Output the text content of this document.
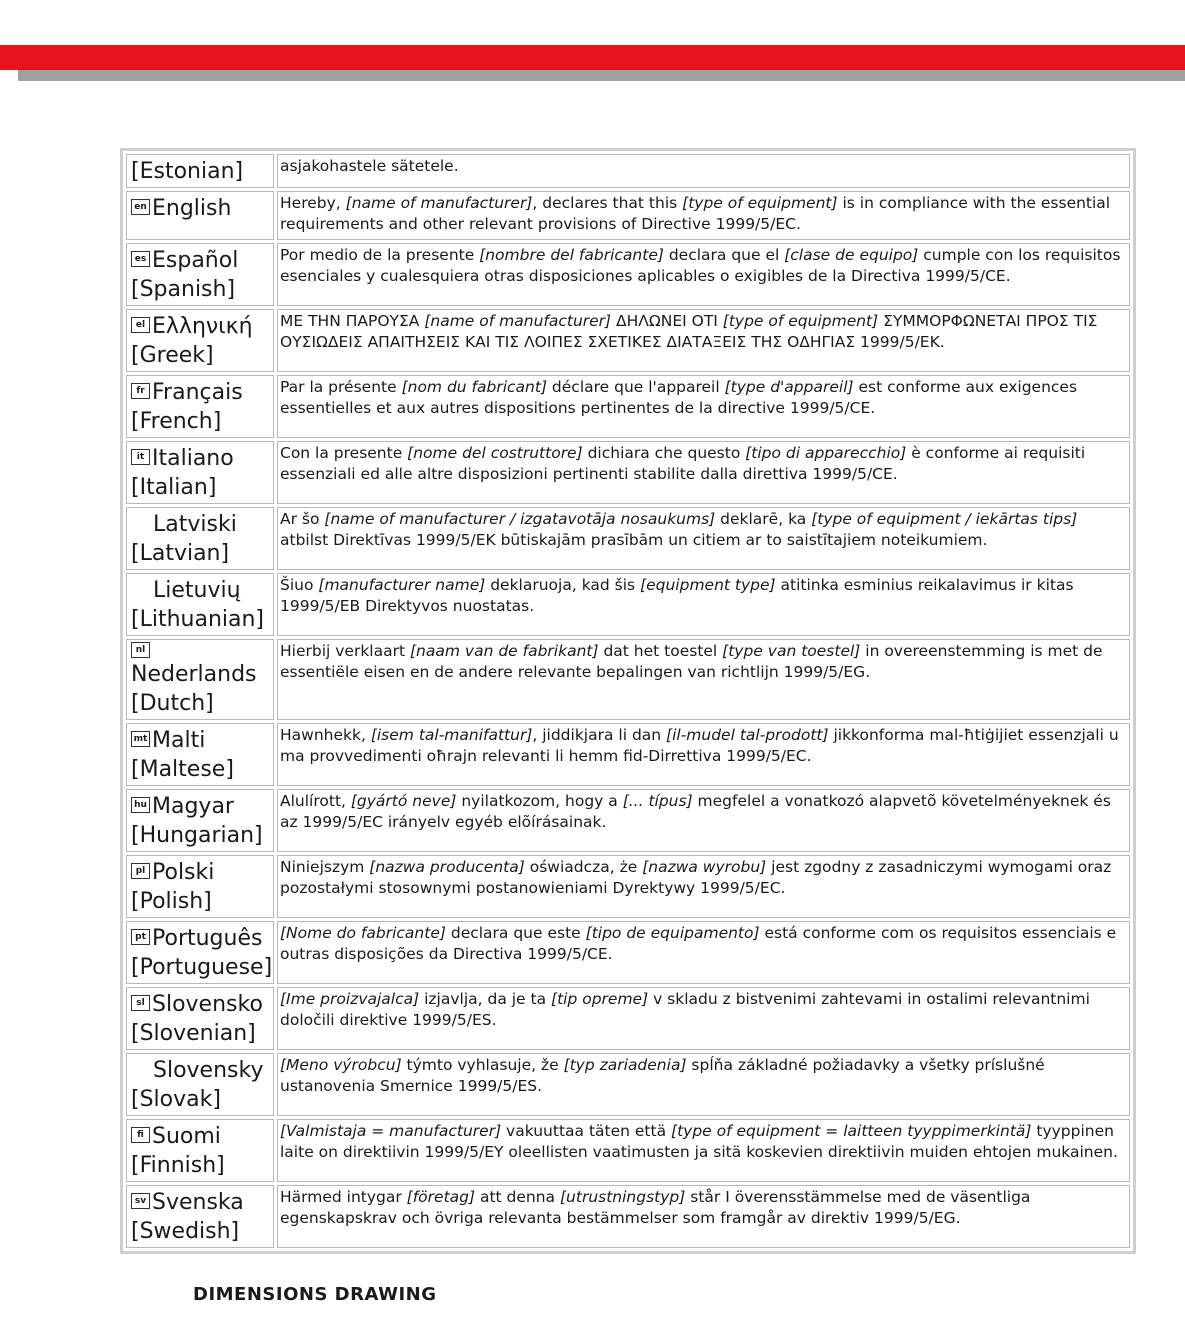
[Estonian]	asjakohastele sätetele.

en English	Hereby, [name of manufacturer], declares that this [type of equipment] is in compliance with the essential requirements and other relevant provisions of Directive 1999/5/EC.

es Español
[Spanish]	Por medio de la presente [nombre del fabricante] declara que el [clase de equipo] cumple con los requisitos esenciales y cualesquiera otras disposiciones aplicables o exigibles de la Directiva 1999/5/CE.

el Ελληνική
[Greek]	ΜΕ ΤΗΝ ΠΑΡΟΥΣΑ [name of manufacturer] ΔΗΛΩΝΕΙ ΟΤΙ [type of equipment] ΣΥΜΜΟΡΦΩΝΕΤΑΙ ΠΡΟΣ ΤΙΣ ΟΥΣΙΩΔΕΙΣ ΑΠΑΙΤΗΣΕΙΣ ΚΑΙ ΤΙΣ ΛΟΙΠΕΣ ΣΧΕΤΙΚΕΣ ΔΙΑΤΑΞΕΙΣ ΤΗΣ ΟΔΗΓΙΑΣ 1999/5/ΕΚ.

fr Français
[French]	Par la présente [nom du fabricant] déclare que l'appareil [type d'appareil] est conforme aux exigences essentielles et aux autres dispositions pertinentes de la directive 1999/5/CE.

it Italiano
[Italian]	Con la presente [nome del costruttore] dichiara che questo [tipo di apparecchio] è conforme ai requisiti essenziali ed alle altre disposizioni pertinenti stabilite dalla direttiva 1999/5/CE.

Latviski
[Latvian]	Ar šo [name of manufacturer / izgatavotāja nosaukums] deklarē, ka [type of equipment / iekārtas tips] atbilst Direktīvas 1999/5/EK būtiskajām prasībām un citiem ar to saistītajiem noteikumiem.

Lietuvių
[Lithuanian]	Šiuo [manufacturer name] deklaruoja, kad šis [equipment type] atitinka esminius reikalavimus ir kitas 1999/5/EB Direktyvos nuostatas.

nl
Nederlands
[Dutch]	Hierbij verklaart [naam van de fabrikant] dat het toestel [type van toestel] in overeenstemming is met de essentiële eisen en de andere relevante bepalingen van richtlijn 1999/5/EG.

mt Malti
[Maltese]	Hawnhekk, [isem tal-manifattur], jiddikjara li dan [il-mudel tal-prodott] jikkonforma mal-ħtiġijiet essenzjali u ma provvedimenti oħrajn relevanti li hemm fid-Dirrettiva 1999/5/EC.

hu Magyar
[Hungarian]	Alulírott, [gyártó neve] nyilatkozom, hogy a [... típus] megfelel a vonatkozó alapvetõ követelményeknek és az 1999/5/EC irányelv egyéb elõírásainak.

pl Polski
[Polish]	Niniejszym [nazwa producenta] oświadcza, że [nazwa wyrobu] jest zgodny z zasadniczymi wymogami oraz pozostałymi stosownymi postanowieniami Dyrektywy 1999/5/EC.

pt Português
[Portuguese]	[Nome do fabricante] declara que este [tipo de equipamento] está conforme com os requisitos essenciais e outras disposições da Directiva 1999/5/CE.

sl Slovensko
[Slovenian]	[Ime proizvajalca] izjavlja, da je ta [tip opreme] v skladu z bistvenimi zahtevami in ostalimi relevantnimi določili direktive 1999/5/ES.

Slovensky
[Slovak]	[Meno výrobcu] týmto vyhlasuje, že [typ zariadenia] spĺňa základné požiadavky a všetky príslušné ustanovenia Smernice 1999/5/ES.

fi Suomi
[Finnish]	[Valmistaja = manufacturer] vakuuttaa täten että [type of equipment = laitteen tyyppimerkintä] tyyppinen laite on direktiivin 1999/5/EY oleellisten vaatimusten ja sitä koskevien direktiivin muiden ehtojen mukainen.

sv Svenska
[Swedish]	Härmed intygar [företag] att denna [utrustningstyp] står I överensstämmelse med de väsentliga egenskapskrav och övriga relevanta bestämmelser som framgår av direktiv 1999/5/EG.
DIMENSIONS DRAWING
